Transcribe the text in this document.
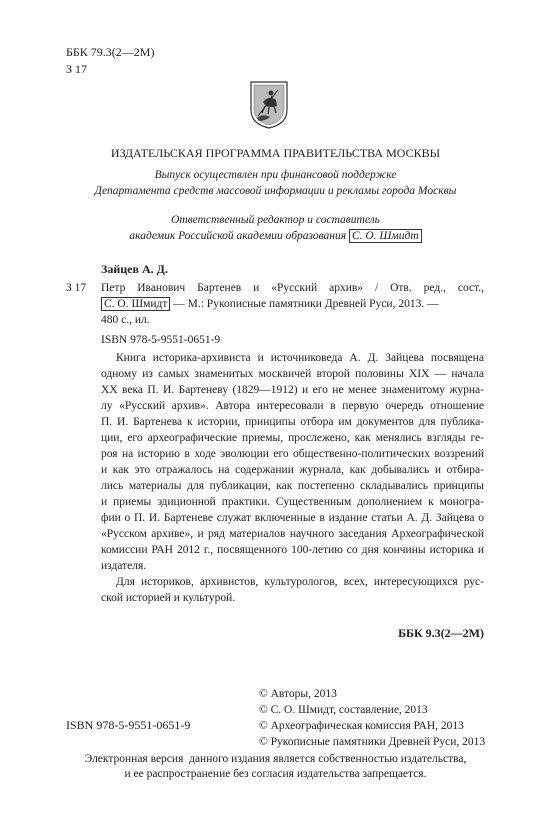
ББК 79.3(2—2М)

З 17

ИЗДАТЕЛЬСКАЯ ПРОГРАММА ПРАВИТЕЛЬСТВА МОСКВЫ

Выпуск осуществлен при финансовой поддержке

Департамента средств массовой информации и рекламы города Москвы

Ответственный редактор и составитель

академик Российской академии образования С. О. Шмидт

Зайцев А. Д.

З 17 Петр Иванович Бартенев и «Русский архив» / Отв. ред., сост.,
С. О. Шмидт — М.: Рукописные памятники Древней Руси, 2013. —
480 с., ил.
ISBN 978-5-9551-0651-9
Книга историка-архивиста и источниковеда А. Д. Зайцева посвящена
одному из самых знаменитых москвичей второй половины XIX — начала
XX века П. И. Бартеневу (1829—1912) и его не менее знаменитому журна-
лу «Русский архив». Автора интересовали в первую очередь отношение
П. И. Бартенева к истории, принципы отбора им документов для публика-
ции, его археографические приемы, прослежено, как менялись взгляды ге-
роя на историю в ходе эволюции его общественно-политических воззрений
и как это отражалось на содержании журнала, как добывались и отбира-
лись материалы для публикации, как постепенно складывались принципы
и приемы эдиционной практики. Существенным дополнением к моногра-
фии о П. И. Бартеневе служат включенные в издание статьи А. Д. Зайцева о
«Русском архиве», и ряд материалов научного заседания Археографической
комиссии РАН 2012 г., посвященного 100-летию со дня кончины историка и
издателя.
Для историков, архивистов, культурологов, всех, интересующихся рус-
ской историей и культурой.

ББК 9.3(2—2М)

© Авторы, 2013
© С. О. Шмидт, составление, 2013
© Археографическая комиссия РАН, 2013
© Рукописные памятники Древней Руси, 2013

ISBN 978-5-9551-0651-9

Электронная версия  данного издания является собственностью издательства,
и ее распространение без согласия издательства запрещается.
